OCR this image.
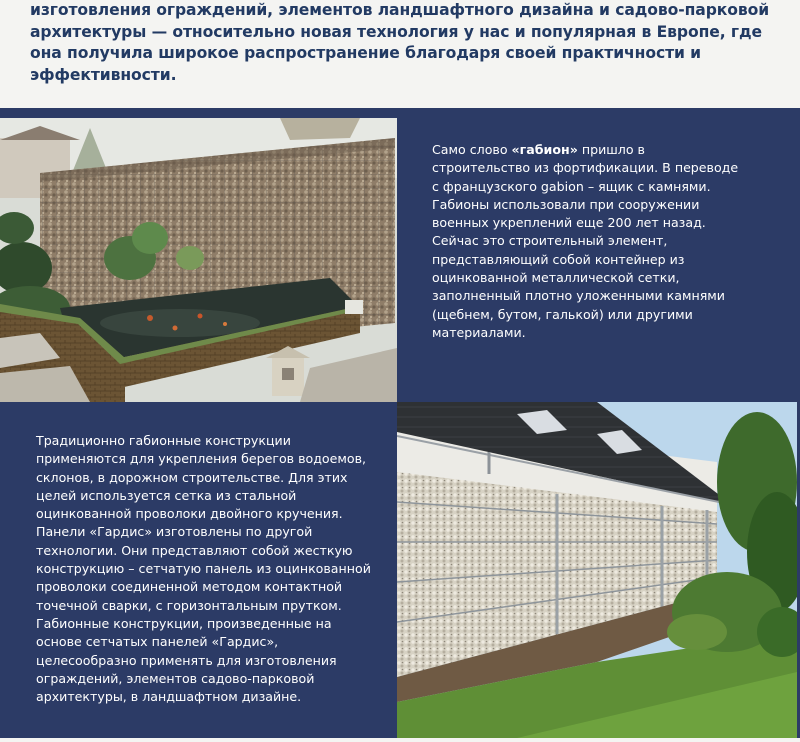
изготовления ограждений, элементов ландшафтного дизайна и садово-парковой
архитектуры — относительно новая технология у нас и популярная в Европе, где
она получила широкое распространение благодаря своей практичности и
эффективности.
Само слово «габион» пришло в
строительство из фортификации. В переводе
с французского gabion – ящик с камнями.
Габионы использовали при сооружении
военных укреплений еще 200 лет назад.
Сейчас это строительный элемент,
представляющий собой контейнер из
оцинкованной металлической сетки,
заполненный плотно уложенными камнями
(щебнем, бутом, галькой) или другими
материалами.
Традиционно габионные конструкции
применяются для укрепления берегов водоемов,
склонов, в дорожном строительстве. Для этих
целей используется сетка из стальной
оцинкованной проволоки двойного кручения.
Панели «Гардис» изготовлены по другой
технологии. Они представляют собой жесткую
конструкцию – сетчатую панель из оцинкованной
проволоки соединенной методом контактной
точечной сварки, с горизонтальным прутком.
Габионные конструкции, произведенные на
основе сетчатых панелей «Гардис»,
целесообразно применять для изготовления
ограждений, элементов садово-парковой
архитектуры, в ландшафтном дизайне.
